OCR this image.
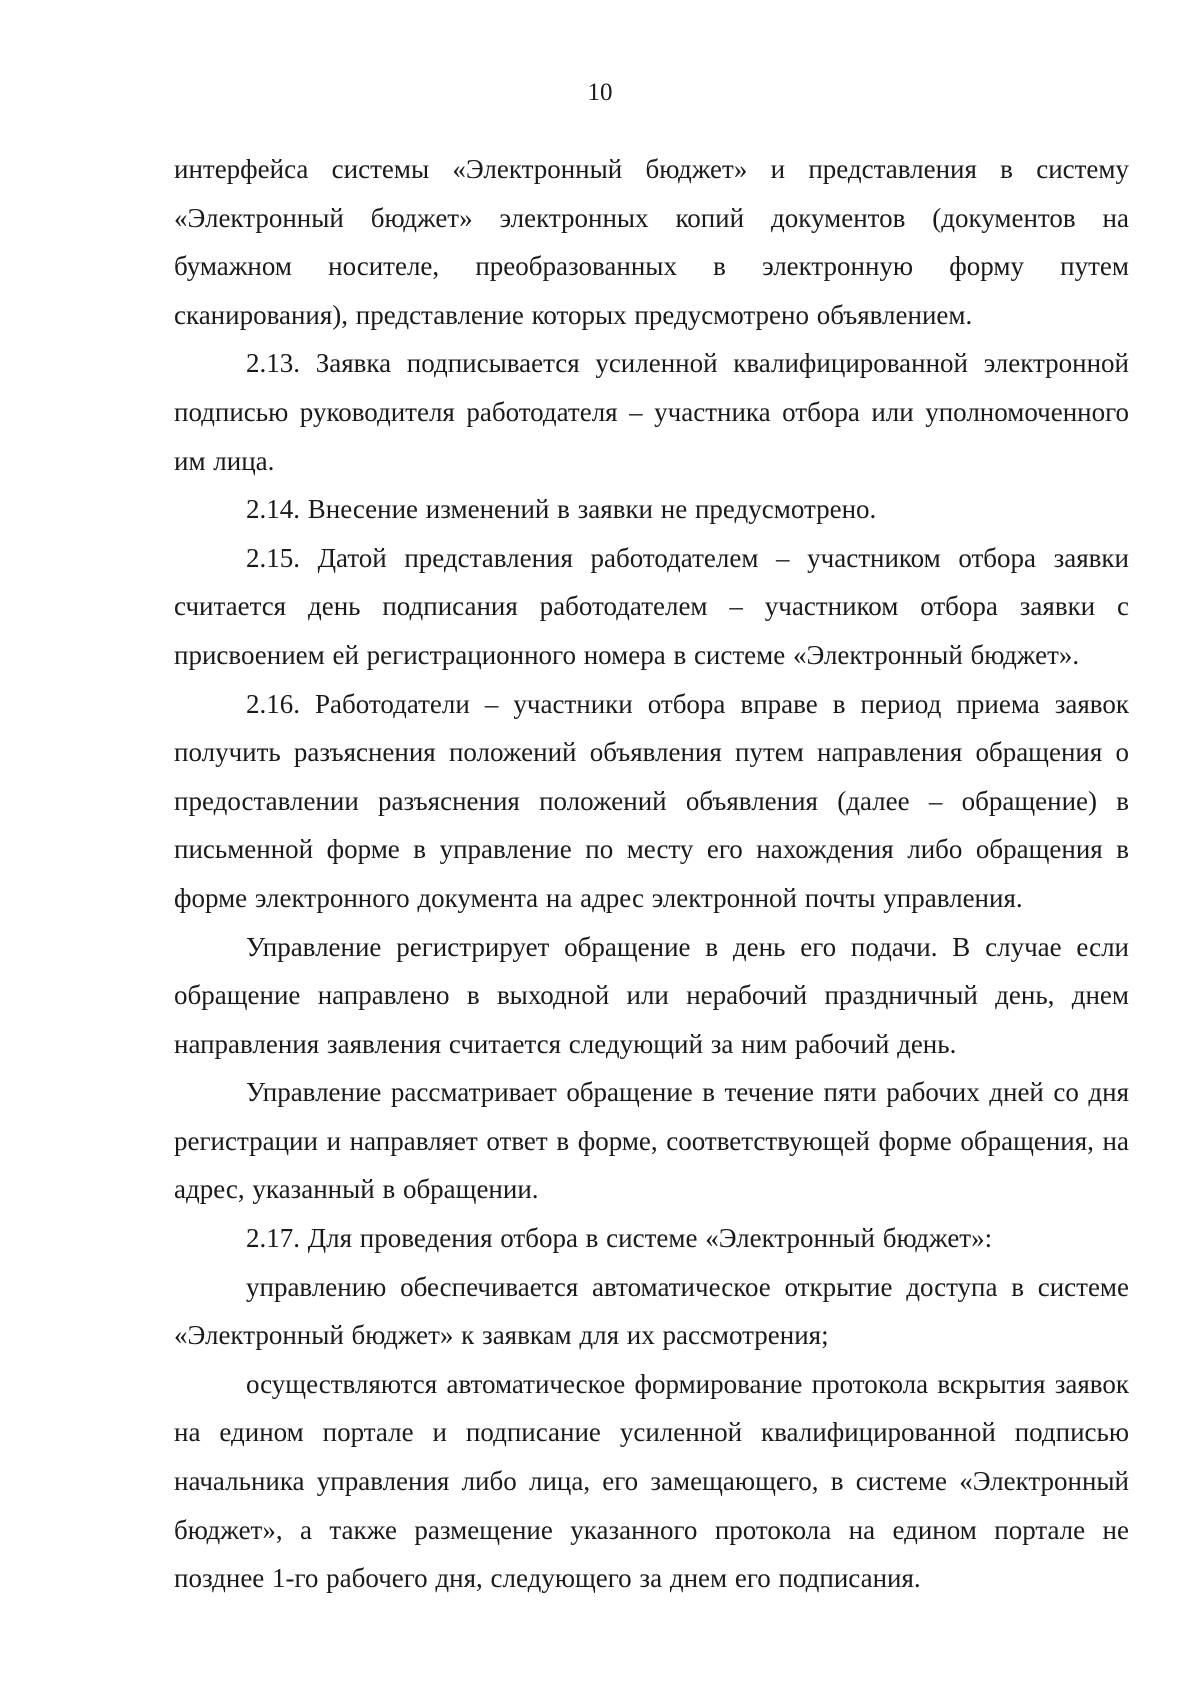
10

интерфейса системы «Электронный бюджет» и представления в систему «Электронный бюджет» электронных копий документов (документов на бумажном носителе, преобразованных в электронную форму путем сканирования), представление которых предусмотрено объявлением.

2.13. Заявка подписывается усиленной квалифицированной электронной подписью руководителя работодателя – участника отбора или уполномоченного им лица.

2.14. Внесение изменений в заявки не предусмотрено.

2.15. Датой представления работодателем – участником отбора заявки считается день подписания работодателем – участником отбора заявки с присвоением ей регистрационного номера в системе «Электронный бюджет».

2.16. Работодатели – участники отбора вправе в период приема заявок получить разъяснения положений объявления путем направления обращения о предоставлении разъяснения положений объявления (далее – обращение) в письменной форме в управление по месту его нахождения либо обращения в форме электронного документа на адрес электронной почты управления.

Управление регистрирует обращение в день его подачи. В случае если обращение направлено в выходной или нерабочий праздничный день, днем направления заявления считается следующий за ним рабочий день.

Управление рассматривает обращение в течение пяти рабочих дней со дня регистрации и направляет ответ в форме, соответствующей форме обращения, на адрес, указанный в обращении.

2.17. Для проведения отбора в системе «Электронный бюджет»:

управлению обеспечивается автоматическое открытие доступа в системе «Электронный бюджет» к заявкам для их рассмотрения;

осуществляются автоматическое формирование протокола вскрытия заявок на едином портале и подписание усиленной квалифицированной подписью начальника управления либо лица, его замещающего, в системе «Электронный бюджет», а также размещение указанного протокола на едином портале не позднее 1-го рабочего дня, следующего за днем его подписания.
